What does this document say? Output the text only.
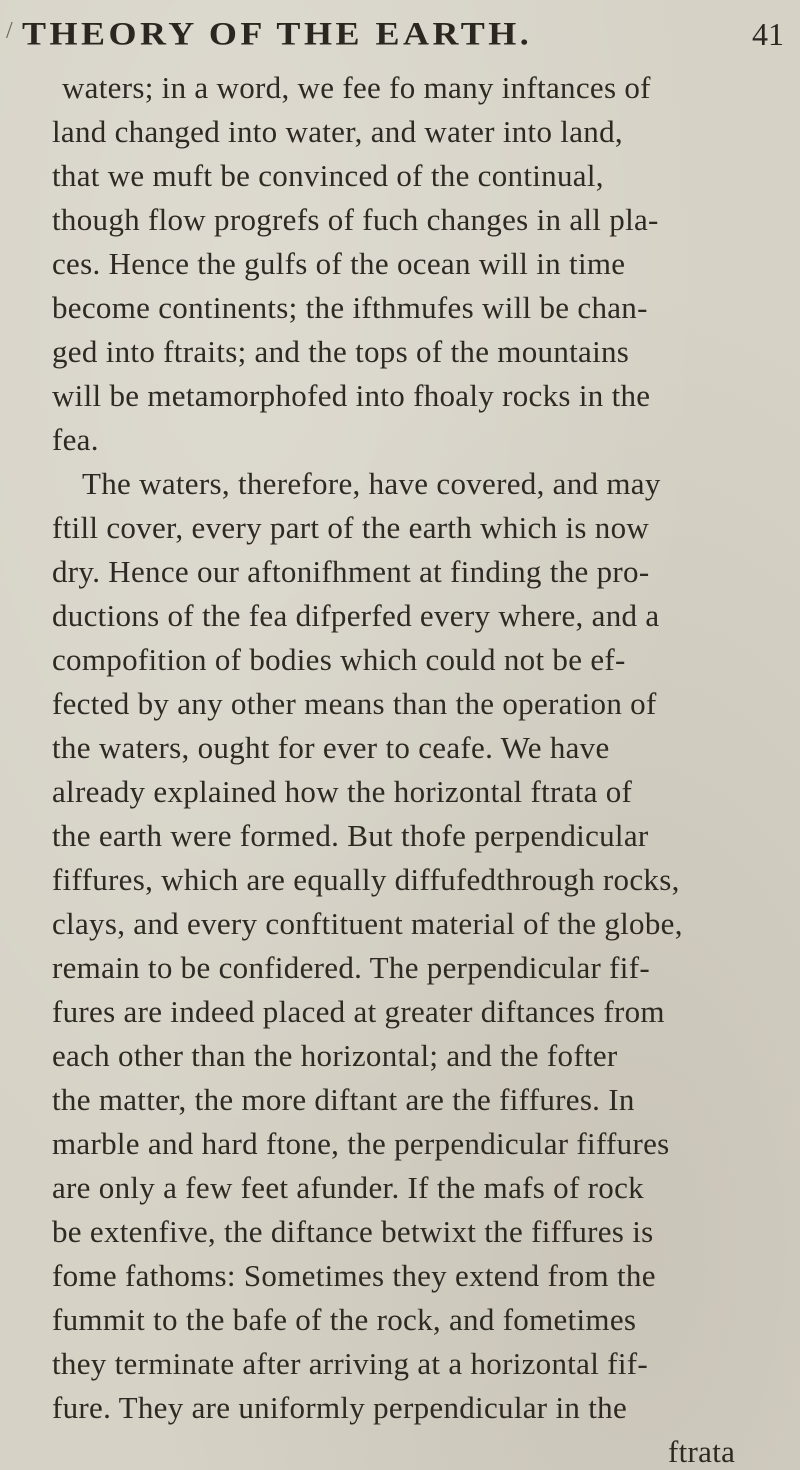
/ THEORY OF THE EARTH.	41
waters; in a word, we fee fo many inftances of
land changed into water, and water into land,
that we muft be convinced of the continual,
though flow progrefs of fuch changes in all pla-
ces. Hence the gulfs of the ocean will in time
become continents; the ifthmufes will be chan-
ged into ftraits; and the tops of the mountains
will be metamorphofed into fhoaly rocks in the
fea.
The waters, therefore, have covered, and may
ftill cover, every part of the earth which is now
dry. Hence our aftonifhment at finding the pro-
ductions of the fea difperfed every where, and a
compofition of bodies which could not be ef-
fected by any other means than the operation of
the waters, ought for ever to ceafe. We have
already explained how the horizontal ftrata of
the earth were formed. But thofe perpendicular
fiffures, which are equally diffufedthrough rocks,
clays, and every conftituent material of the globe,
remain to be confidered. The perpendicular fif-
fures are indeed placed at greater diftances from
each other than the horizontal; and the fofter
the matter, the more diftant are the fiffures. In
marble and hard ftone, the perpendicular fiffures
are only a few feet afunder. If the mafs of rock
be extenfive, the diftance betwixt the fiffures is
fome fathoms: Sometimes they extend from the
fummit to the bafe of the rock, and fometimes
they terminate after arriving at a horizontal fif-
fure. They are uniformly perpendicular in the
ftrata
